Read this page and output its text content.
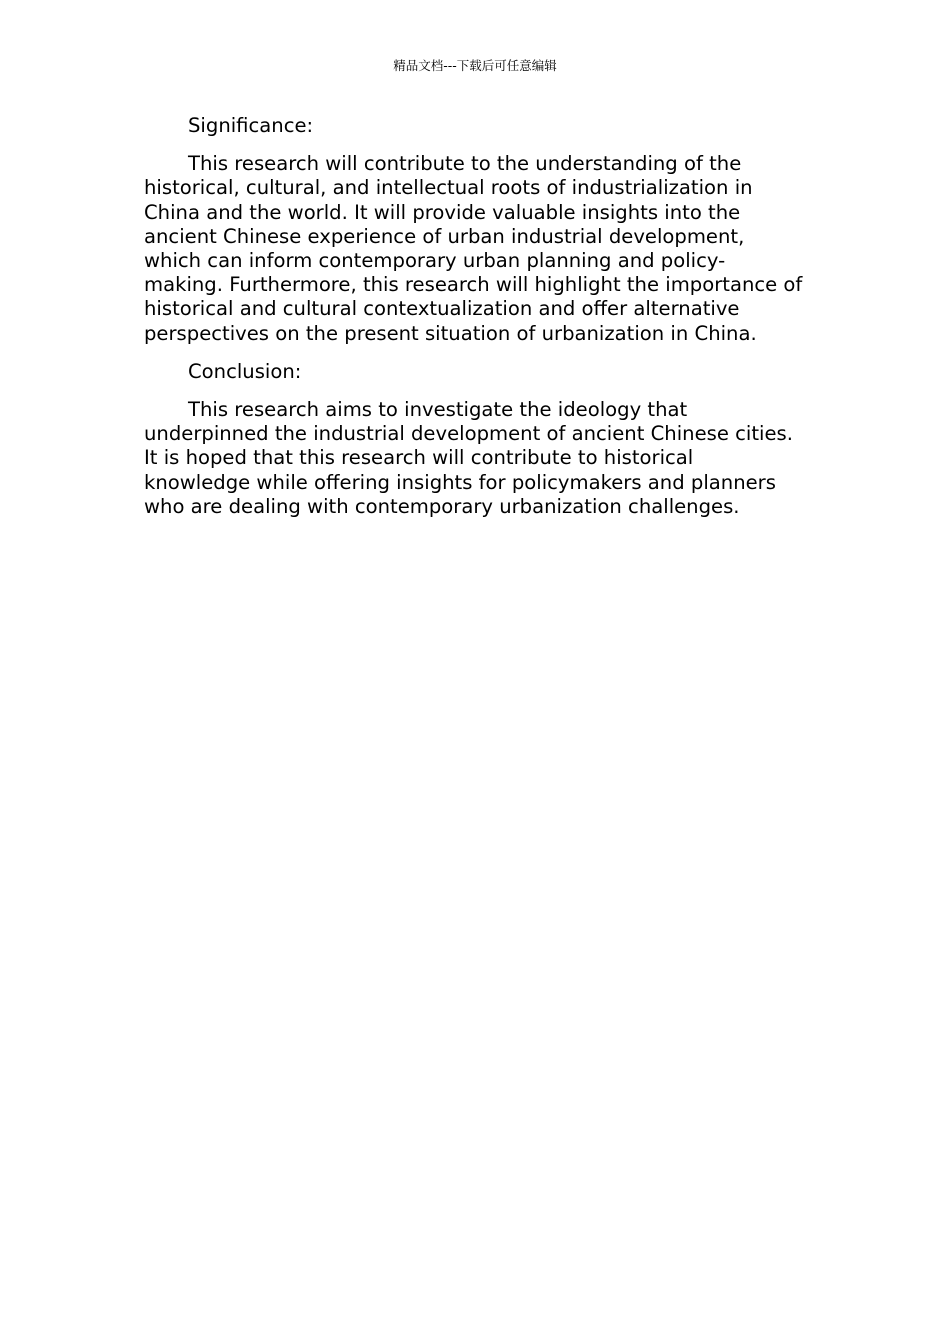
精品文档---下载后可任意编辑

Significance:

This research will contribute to the understanding of the historical, cultural, and intellectual roots of industrialization in China and the world. It will provide valuable insights into the ancient Chinese experience of urban industrial development, which can inform contemporary urban planning and policy-making. Furthermore, this research will highlight the importance of historical and cultural contextualization and offer alternative perspectives on the present situation of urbanization in China.

Conclusion:

This research aims to investigate the ideology that underpinned the industrial development of ancient Chinese cities. It is hoped that this research will contribute to historical knowledge while offering insights for policymakers and planners who are dealing with contemporary urbanization challenges.
